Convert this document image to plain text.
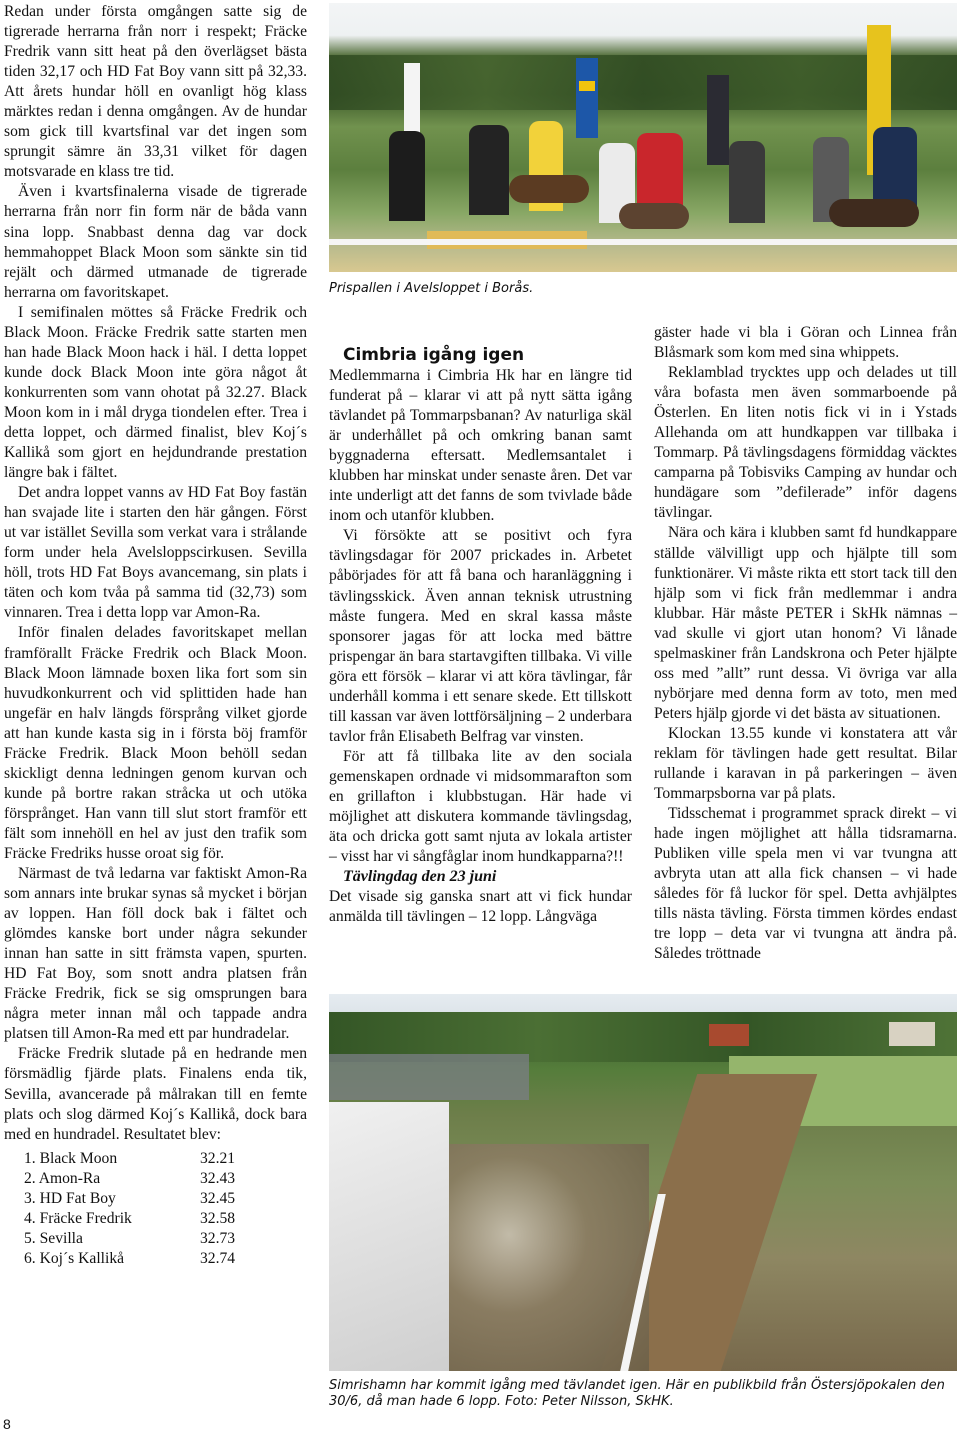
Redan under första omgången satte sig de tigrerade herrarna från norr i respekt; Fräcke Fredrik vann sitt heat på den överlägset bästa tiden 32,17 och HD Fat Boy vann sitt på 32,33. Att årets hundar höll en ovanligt hög klass märktes redan i denna omgången. Av de hundar som gick till kvartsfinal var det ingen som sprungit sämre än 33,31 vilket för dagen motsvarade en klass tre tid.

Även i kvartsfinalerna visade de tigrerade herrarna från norr fin form när de båda vann sina lopp. Snabbast denna dag var dock hemmahoppet Black Moon som sänkte sin tid rejält och därmed utmanade de tigrerade herrarna om favoritskapet.

I semifinalen möttes så Fräcke Fredrik och Black Moon. Fräcke Fredrik satte starten men han hade Black Moon hack i häl. I detta loppet kunde dock Black Moon inte göra något åt konkurrenten som vann ohotat på 32.27. Black Moon kom in i mål dryga tiondelen efter. Trea i detta loppet, och därmed finalist, blev Koj´s Kallikå som gjort en hejdundrande prestation längre bak i fältet.

Det andra loppet vanns av HD Fat Boy fastän han svajade lite i starten den här gången. Först ut var istället Sevilla som verkat vara i strålande form under hela Avelsloppscirkusen. Sevilla höll, trots HD Fat Boys avancemang, sin plats i täten och kom tvåa på samma tid (32,73) som vinnaren. Trea i detta lopp var Amon-Ra.

Inför finalen delades favoritskapet mellan framförallt Fräcke Fredrik och Black Moon. Black Moon lämnade boxen lika fort som sin huvudkonkurrent och vid splittiden hade han ungefär en halv längds försprång vilket gjorde att han kunde kasta sig in i första böj framför Fräcke Fredrik. Black Moon behöll sedan skickligt denna ledningen genom kurvan och kunde på bortre rakan stråcka ut och utöka försprånget. Han vann till slut stort framför ett fält som innehöll en hel av just den trafik som Fräcke Fredriks husse oroat sig för.

Närmast de två ledarna var faktiskt Amon-Ra som annars inte brukar synas så mycket i början av loppen. Han föll dock bak i fältet och glömdes kanske bort under några sekunder innan han satte in sitt främsta vapen, spurten. HD Fat Boy, som snott andra platsen från Fräcke Fredrik, fick se sig omsprungen bara några meter innan mål och tappade andra platsen till Amon-Ra med ett par hundradelar.

Fräcke Fredrik slutade på en hedrande men försmädlig fjärde plats. Finalens enda tik, Sevilla, avancerade på målrakan till en femte plats och slog därmed Koj´s Kallikå, dock bara med en hundradel. Resultatet blev:

1. Black Moon	32.21
2. Amon-Ra	32.43
3. HD Fat Boy	32.45
4. Fräcke Fredrik	32.58
5. Sevilla	32.73
6. Koj´s Kallikå	32.74
Prispallen i Avelsloppet i Borås.

Cimbria igång igen

Medlemmarna i Cimbria Hk har en längre tid funderat på – klarar vi att på nytt sätta igång tävlandet på Tommarpsbanan? Av naturliga skäl är underhållet på och omkring banan samt byggnaderna eftersatt. Medlemsantalet i klubben har minskat under senaste åren. Det var inte underligt att det fanns de som tvivlade både inom och utanför klubben.

Vi försökte att se positivt och fyra tävlingsdagar för 2007 prickades in. Arbetet påbörjades för att få bana och haranläggning i tävlingsskick. Även annan teknisk utrustning måste fungera. Med en skral kassa måste sponsorer jagas för att locka med bättre prispengar än bara startavgiften tillbaka. Vi ville göra ett försök – klarar vi att köra tävlingar, får underhåll komma i ett senare skede. Ett tillskott till kassan var även lottförsäljning – 2 underbara tavlor från Elisabeth Belfrag var vinsten.

För att få tillbaka lite av den sociala gemenskapen ordnade vi midsommarafton som en grillafton i klubbstugan. Här hade vi möjlighet att diskutera kommande tävlingsdag, äta och dricka gott samt njuta av lokala artister – visst har vi sångfåglar inom hundkapparna?!!

Tävlingdag den 23 juni

Det visade sig ganska snart att vi fick hundar anmälda till tävlingen – 12 lopp. Långväga

gäster hade vi bla i Göran och Linnea från Blåsmark som kom med sina whippets.

Reklamblad trycktes upp och delades ut till våra bofasta men även sommarboende på Österlen. En liten notis fick vi in i Ystads Allehanda om att hundkappen var tillbaka i Tommarp. På tävlingsdagens förmiddag väcktes camparna på Tobisviks Camping av hundar och hundägare som ”defilerade” inför dagens tävlingar.

Nära och kära i klubben samt fd hundkappare ställde välvilligt upp och hjälpte till som funktionärer. Vi måste rikta ett stort tack till den hjälp som vi fick från medlemmar i andra klubbar. Här måste PETER i SkHk nämnas – vad skulle vi gjort utan honom? Vi lånade spelmaskiner från Landskrona och Peter hjälpte oss med ”allt” runt dessa. Vi övriga var alla nybörjare med denna form av toto, men med Peters hjälp gjorde vi det bästa av situationen.

Klockan 13.55 kunde vi konstatera att vår reklam för tävlingen hade gett resultat. Bilar rullande i karavan in på parkeringen – även Tommarpsborna var på plats.

Tidsschemat i programmet sprack direkt – vi hade ingen möjlighet att hålla tidsramarna. Publiken ville spela men vi var tvungna att avbryta utan att alla fick chansen – vi hade således för få luckor för spel. Detta avhjälptes tills nästa tävling. Första timmen kördes endast tre lopp – deta var vi tvungna att ändra på. Således tröttnade

Simrishamn har kommit igång med tävlandet igen. Här en publikbild från Östersjöpokalen den 30/6, då man hade 6 lopp. Foto: Peter Nilsson, SkHK.
8
